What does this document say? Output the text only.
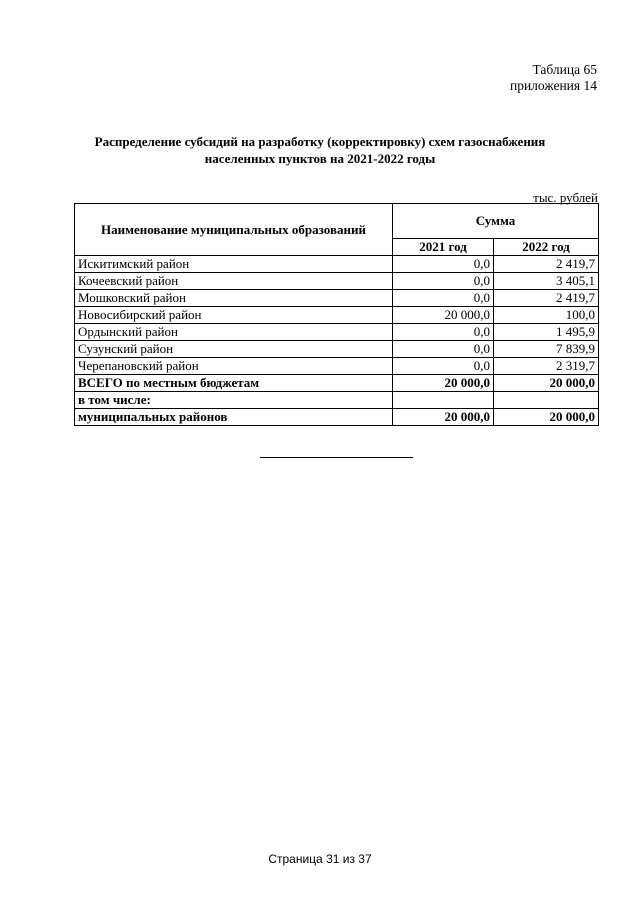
Таблица 65
приложения 14
Распределение субсидий на разработку (корректировку) схем газоснабжения
населенных пунктов на 2021-2022 годы
тыс. рублей
Наименование муниципальных образований	Сумма	
	2021 год	2022 год
Искитимский район	0,0	2 419,7
Кочеевский район	0,0	3 405,1
Мошковский район	0,0	2 419,7
Новосибирский район	20 000,0	100,0
Ордынский район	0,0	1 495,9
Сузунский район	0,0	7 839,9
Черепановский район	0,0	2 319,7
ВСЕГО по местным бюджетам	20 000,0	20 000,0
в том числе:		
муниципальных районов	20 000,0	20 000,0
Страница 31 из 37
